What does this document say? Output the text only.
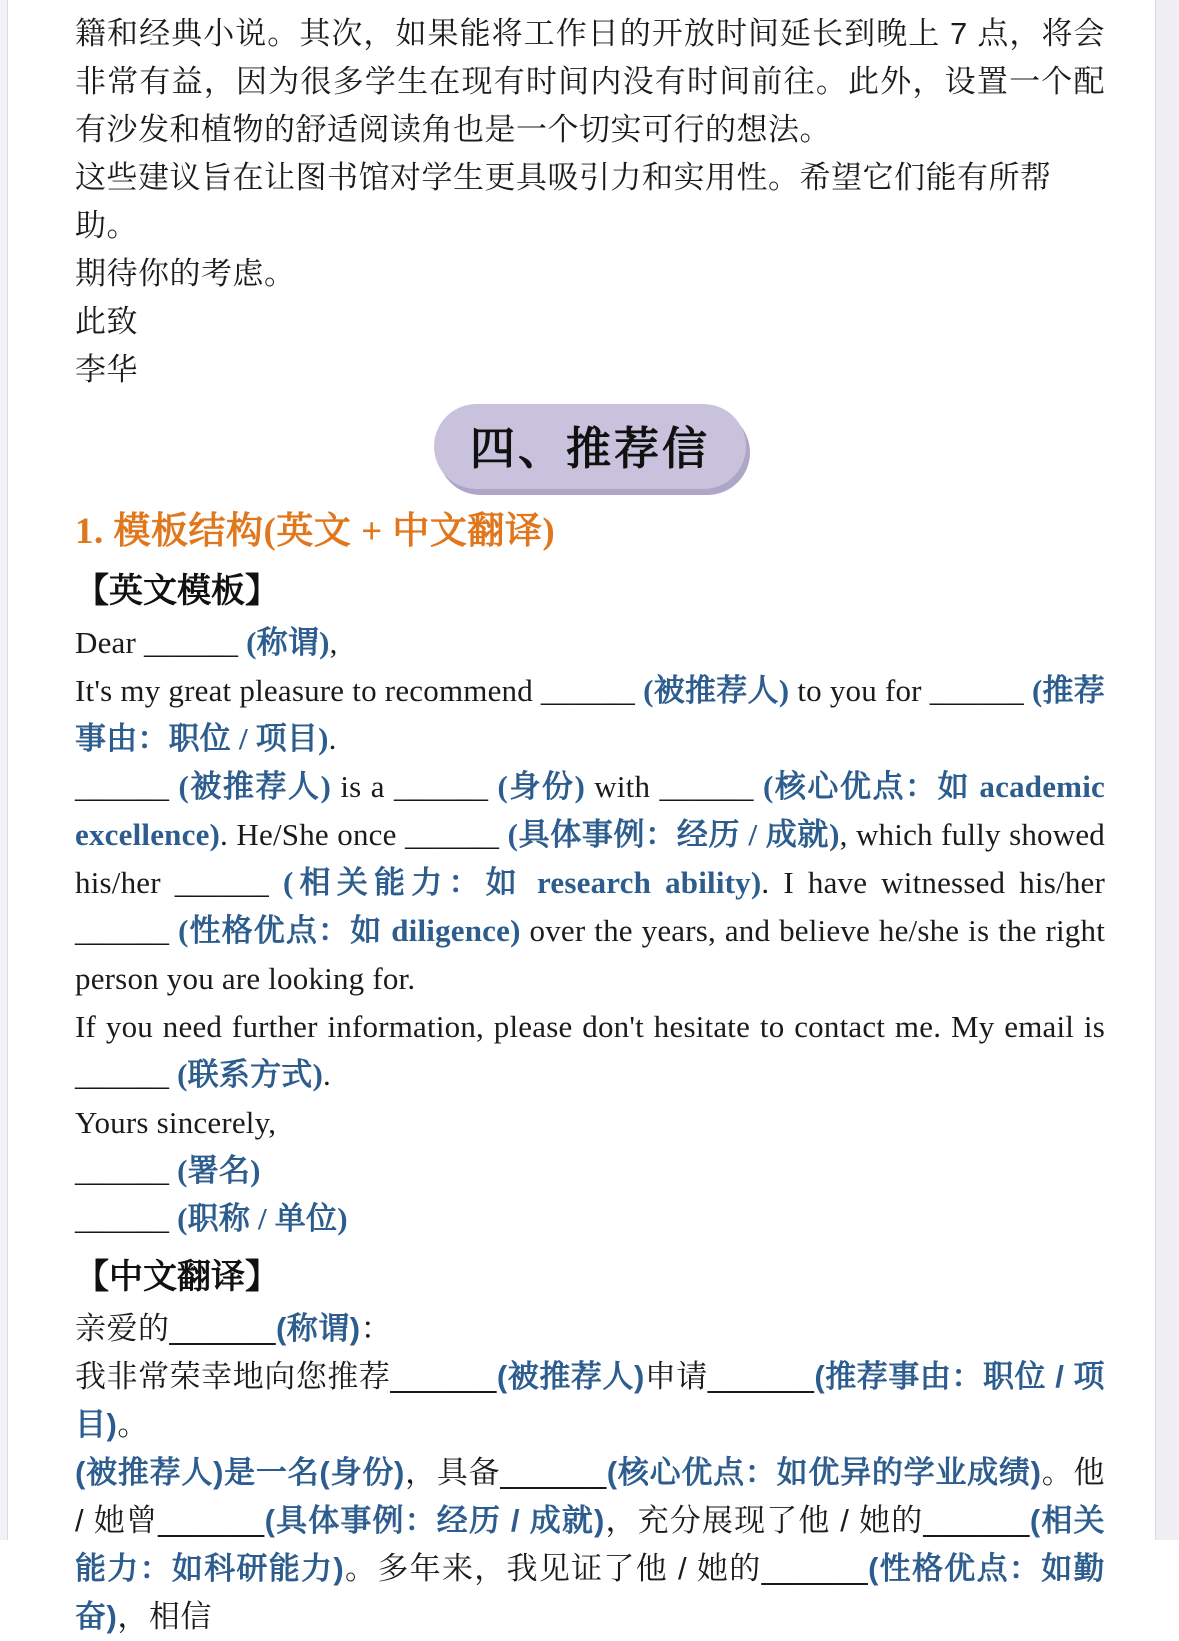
籍和经典小说。其次，如果能将工作日的开放时间延长到晚上 7 点，将会非常有益，因为很多学生在现有时间内没有时间前往。此外，设置一个配有沙发和植物的舒适阅读角也是一个切实可行的想法。

这些建议旨在让图书馆对学生更具吸引力和实用性。希望它们能有所帮助。

期待你的考虑。

此致

李华

四、推荐信
1. 模板结构(英文 + 中文翻译)
【英文模板】

Dear ______ (称谓),

It's my great pleasure to recommend ______ (被推荐人) to you for ______ (推荐事由：职位 / 项目).

______ (被推荐人) is a ______ (身份) with ______ (核心优点：如 academic excellence). He/She once ______ (具体事例：经历 / 成就), which fully showed his/her ______ (相关能力：如 research ability). I have witnessed his/her ______ (性格优点：如 diligence) over the years, and believe he/she is the right person you are looking for.

If you need further information, please don't hesitate to contact me. My email is ______ (联系方式).

Yours sincerely,

______ (署名)

______ (职称 / 单位)

【中文翻译】

亲爱的______(称谓)：

我非常荣幸地向您推荐______(被推荐人)申请______(推荐事由：职位 / 项目)。

(被推荐人)是一名(身份)，具备______(核心优点：如优异的学业成绩)。他 / 她曾______(具体事例：经历 / 成就)，充分展现了他 / 她的______(相关能力：如科研能力)。多年来，我见证了他 / 她的______(性格优点：如勤奋)，相信
